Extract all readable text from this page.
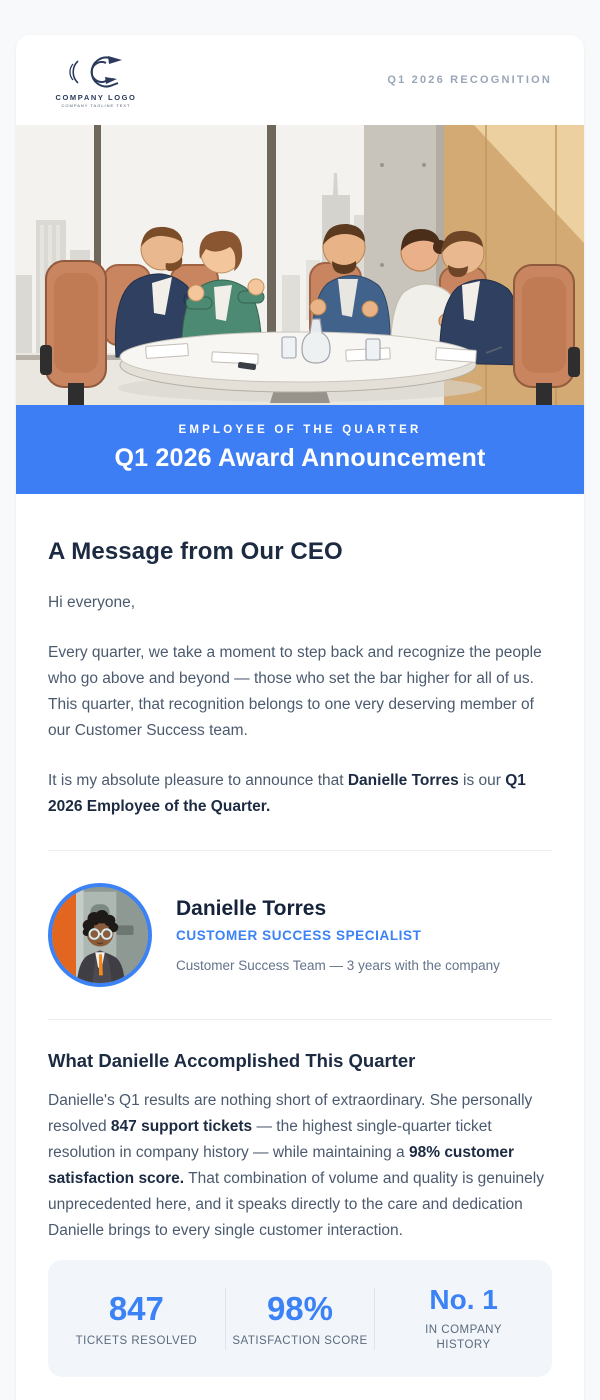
COMPANY LOGO
COMPANY TAGLINE TEXT
Q1 2026 RECOGNITION
EMPLOYEE OF THE QUARTER
Q1 2026 Award Announcement
A Message from Our CEO

Hi everyone,

Every quarter, we take a moment to step back and recognize the people who go above and beyond — those who set the bar higher for all of us. This quarter, that recognition belongs to one very deserving member of our Customer Success team.

It is my absolute pleasure to announce that Danielle Torres is our Q1 2026 Employee of the Quarter.

Danielle Torres
CUSTOMER SUCCESS SPECIALIST
Customer Success Team — 3 years with the company
What Danielle Accomplished This Quarter

Danielle's Q1 results are nothing short of extraordinary. She personally resolved 847 support tickets — the highest single-quarter ticket resolution in company history — while maintaining a 98% customer satisfaction score. That combination of volume and quality is genuinely unprecedented here, and it speaks directly to the care and dedication Danielle brings to every single customer interaction.

847
TICKETS RESOLVED
98%
SATISFACTION SCORE
No. 1
IN COMPANY HISTORY
